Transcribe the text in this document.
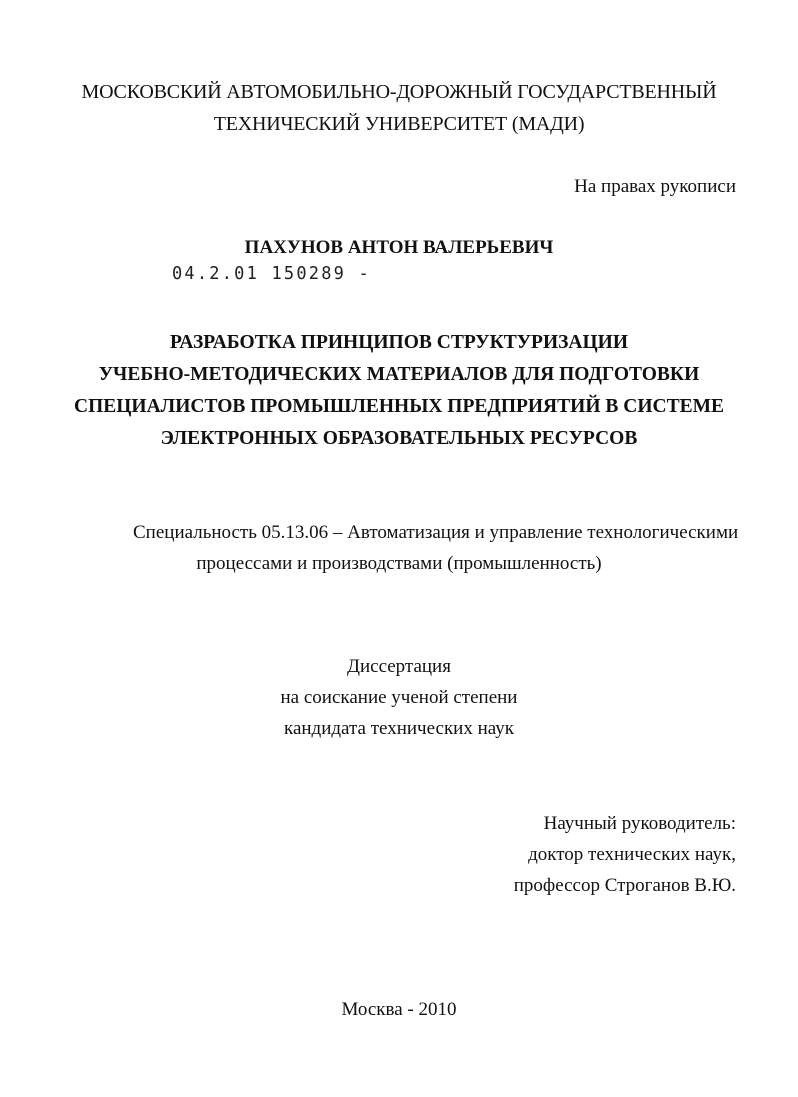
МОСКОВСКИЙ АВТОМОБИЛЬНО-ДОРОЖНЫЙ ГОСУДАРСТВЕННЫЙ
ТЕХНИЧЕСКИЙ УНИВЕРСИТЕТ (МАДИ)
На правах рукописи
ПАХУНОВ АНТОН ВАЛЕРЬЕВИЧ
04.2.01 150289 -
РАЗРАБОТКА ПРИНЦИПОВ СТРУКТУРИЗАЦИИ
УЧЕБНО-МЕТОДИЧЕСКИХ МАТЕРИАЛОВ ДЛЯ ПОДГОТОВКИ
СПЕЦИАЛИСТОВ ПРОМЫШЛЕННЫХ ПРЕДПРИЯТИЙ В СИСТЕМЕ
ЭЛЕКТРОННЫХ ОБРАЗОВАТЕЛЬНЫХ РЕСУРСОВ
Специальность 05.13.06 – Автоматизация и управление технологическими
процессами и производствами (промышленность)
Диссертация
на соискание ученой степени
кандидата технических наук
Научный руководитель:
доктор технических наук,
профессор Строганов В.Ю.
Москва - 2010
